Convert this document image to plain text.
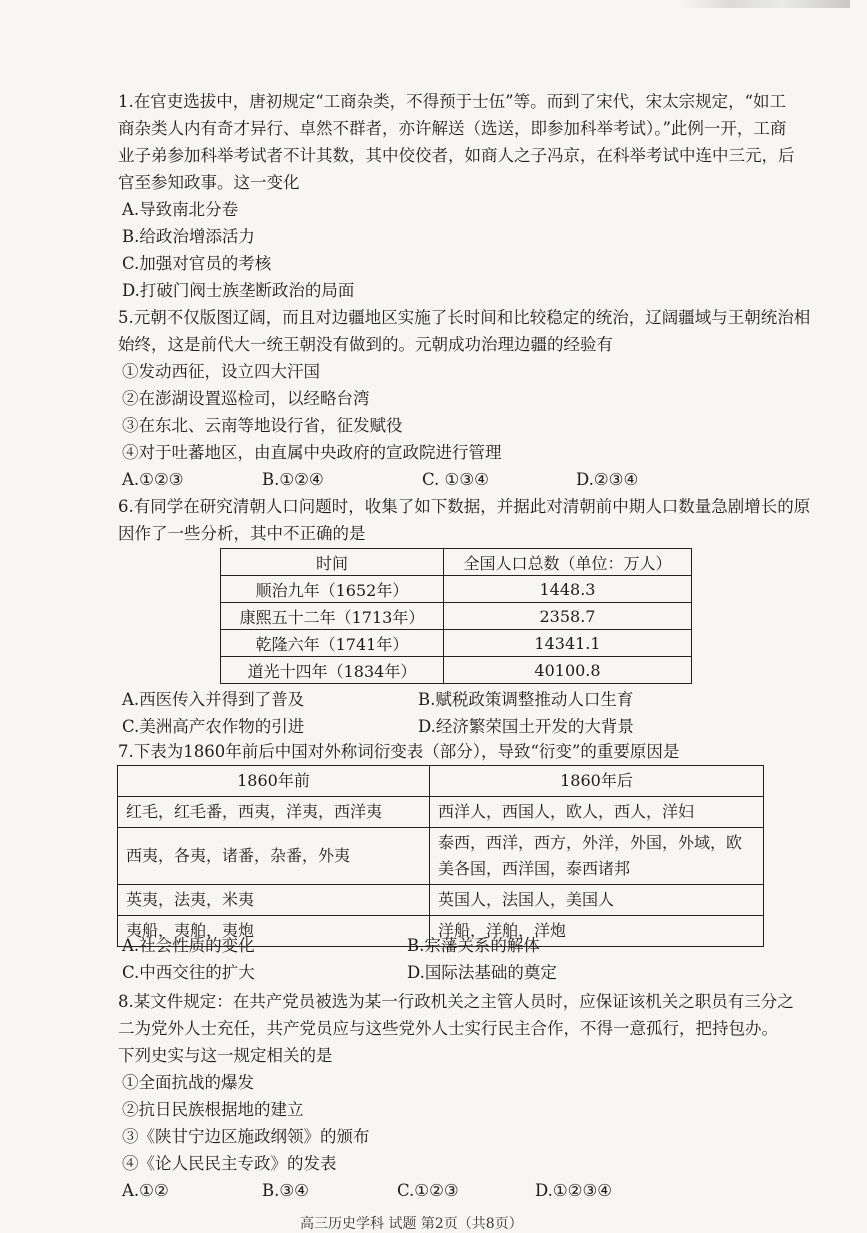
1.在官吏选拔中，唐初规定“工商杂类，不得预于士伍”等。而到了宋代，宋太宗规定，“如工
商杂类人内有奇才异行、卓然不群者，亦许解送（选送，即参加科举考试）。”此例一开，工商
业子弟参加科举考试者不计其数，其中佼佼者，如商人之子冯京，在科举考试中连中三元，后
官至参知政事。这一变化
A.导致南北分卷
B.给政治增添活力
C.加强对官员的考核
D.打破门阀士族垄断政治的局面
5.元朝不仅版图辽阔，而且对边疆地区实施了长时间和比较稳定的统治，辽阔疆域与王朝统治相
始终，这是前代大一统王朝没有做到的。元朝成功治理边疆的经验有
①发动西征，设立四大汗国
②在澎湖设置巡检司，以经略台湾
③在东北、云南等地设行省，征发赋役
④对于吐蕃地区，由直属中央政府的宣政院进行管理
A.①②③	B.①②④	C. ①③④	D.②③④
6.有同学在研究清朝人口问题时，收集了如下数据，并据此对清朝前中期人口数量急剧增长的原
因作了一些分析，其中不正确的是
时间	全国人口总数（单位：万人）
顺治九年（1652年）	1448.3
康熙五十二年（1713年）	2358.7
乾隆六年（1741年）	14341.1
道光十四年（1834年）	40100.8
A.西医传入并得到了普及	B.赋税政策调整推动人口生育
C.美洲高产农作物的引进	D.经济繁荣国土开发的大背景
7.下表为1860年前后中国对外称词衍变表（部分），导致“衍变”的重要原因是
1860年前	1860年后
红毛，红毛番，西夷，洋夷，西洋夷	西洋人，西国人，欧人，西人，洋妇
西夷，各夷，诸番，杂番，外夷	泰西，西洋，西方，外洋，外国，外域，欧美各国，西洋国，泰西诸邦
英夷，法夷，米夷	英国人，法国人，美国人
夷船，夷舶，夷炮	洋船，洋舶，洋炮
A.社会性质的变化	B.宗藩关系的解体
C.中西交往的扩大	D.国际法基础的奠定
8.某文件规定：在共产党员被选为某一行政机关之主管人员时，应保证该机关之职员有三分之
二为党外人士充任，共产党员应与这些党外人士实行民主合作，不得一意孤行，把持包办。
下列史实与这一规定相关的是
①全面抗战的爆发
②抗日民族根据地的建立
③《陕甘宁边区施政纲领》的颁布
④《论人民民主专政》的发表
A.①②	B.③④	C.①②③	D.①②③④
高三历史学科 试题 第2页（共8页）
